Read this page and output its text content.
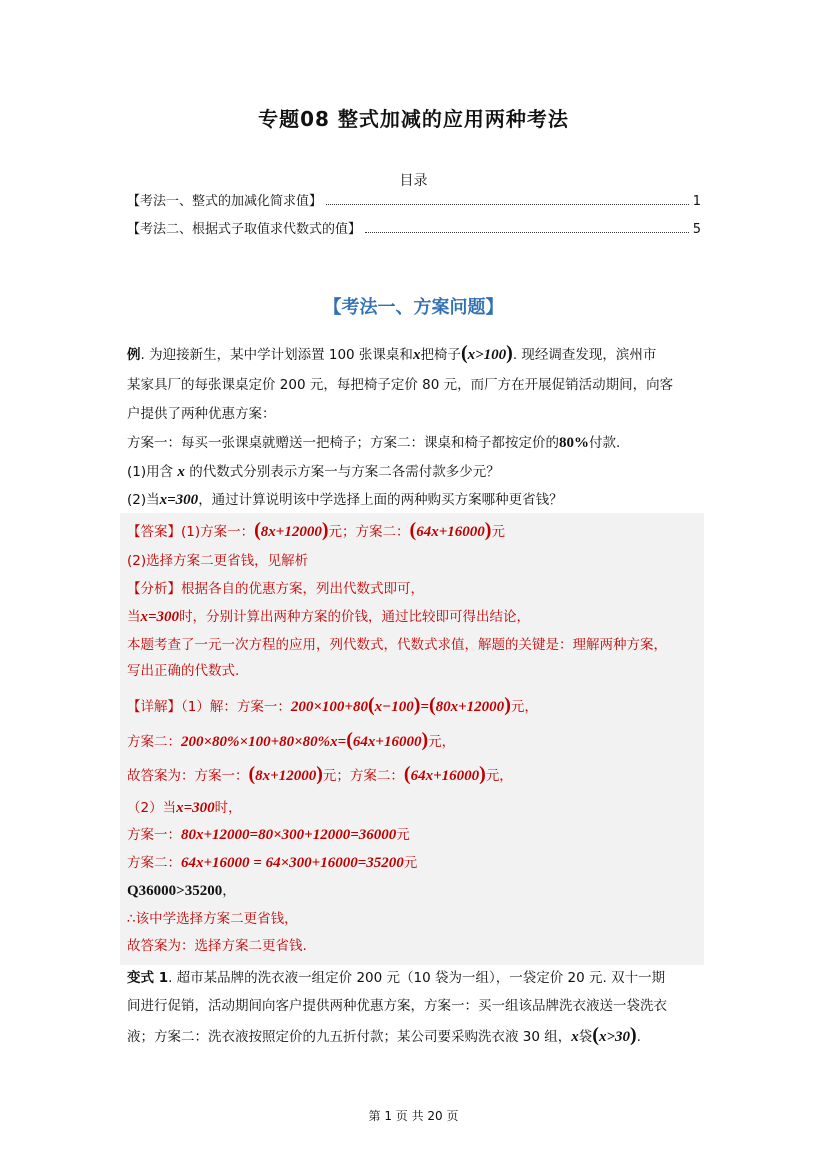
专题08 整式加减的应用两种考法
目录
【考法一、整式的加减化简求值】	1
【考法二、根据式子取值求代数式的值】	5
【考法一、方案问题】
例. 为迎接新生，某中学计划添置 100 张课桌和x把椅子(x>100). 现经调查发现，滨州市
某家具厂的每张课桌定价 200 元，每把椅子定价 80 元，而厂方在开展促销活动期间，向客
户提供了两种优惠方案：
方案一：每买一张课桌就赠送一把椅子；方案二：课桌和椅子都按定价的80%付款.
(1)用含 x 的代数式分别表示方案一与方案二各需付款多少元？
(2)当x=300，通过计算说明该中学选择上面的两种购买方案哪种更省钱？
【答案】(1)方案一：(8x+12000)元；方案二：(64x+16000)元
(2)选择方案二更省钱，见解析
【分析】根据各自的优惠方案，列出代数式即可，
当x=300时，分别计算出两种方案的价钱，通过比较即可得出结论，
本题考查了一元一次方程的应用，列代数式，代数式求值，解题的关键是：理解两种方案，
写出正确的代数式.
【详解】（1）解：方案一：200×100+80(x−100)=(80x+12000)元，
方案二：200×80%×100+80×80%x=(64x+16000)元，
故答案为：方案一：(8x+12000)元；方案二：(64x+16000)元，
（2）当x=300时，
方案一：80x+12000=80×300+12000=36000元
方案二：64x+16000 = 64×300+16000=35200元
Q36000>35200，
∴该中学选择方案二更省钱，
故答案为：选择方案二更省钱.
变式 1. 超市某品牌的洗衣液一组定价 200 元（10 袋为一组），一袋定价 20 元. 双十一期
间进行促销，活动期间向客户提供两种优惠方案，方案一：买一组该品牌洗衣液送一袋洗衣
液；方案二：洗衣液按照定价的九五折付款；某公司要采购洗衣液 30 组，x袋(x>30).
第 1 页 共 20 页
